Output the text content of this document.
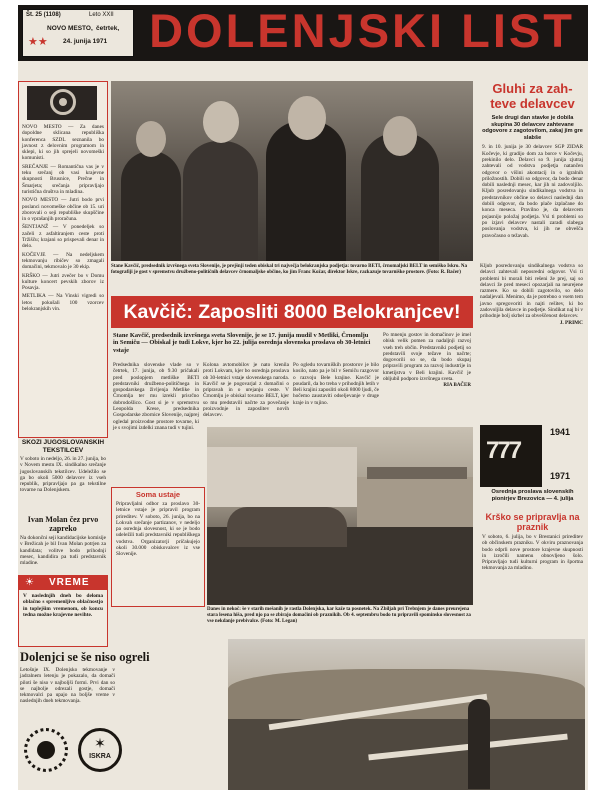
Št. 25 (1108)	Leto XXII
NOVO MESTO, četrtek,
24. junija 1971
★★ DOLENJSKI LIST

NOVO MESTO — Za danes dopoldne sklicana republiška konferenca SZDL seznanila bo javnost z delovnim programom in sklepi, ki so jih sprejeli novomeški komunisti.

SREČANJE — Romantična vas je v teku srečanj ob vasi krajevne skupnosti Brusnice, Prečne in Šmarjeta; srečanja pripravljajo turistična društva in mladina.

NOVO MESTO — Jutri bodo prvi poslanci novomeške občine ob 15. uri zborovali o seji republiške skupščine in o vprašanjih proračuna.

ŠENTJANŽ — V ponedeljek so začeli z asfaltiranjem ceste proti Tržišču; krajani so prispevali denar in delo.

KOČEVJE — Na nedeljskem tekmovanju ribičev so zmagali domačini, tekmovalo je 30 ekip.

KRŠKO — Jutri zvečer bo v Domu kulture koncert pevskih zborov iz Posavja.

METLIKA — Na Vinski vigredi so letos pokušali 100 vzorcev belokranjskih vin.

SKOZI JUGOSLOVANSKIH TEKSTILCEV
V soboto in nedeljo, 26. in 27. junija, bo v Novem mestu IX. sindikalno srečanje jugoslovanskih tekstilcev. Udeležilo se ga bo okoli 5000 delavcev iz vseh republik, pripravljajo pa ga tekstilne tovarne na Dolenjskem.
Ivan Molan čez prvo zapreko
Na dokončni seji kandidacijske komisije v Brežicah je bil Ivan Molan potrjen za kandidata; volitve bodo prihodnji mesec, kandidira pa tudi predstavnik mladine.
☀ VREME
V naslednjih dneh bo deloma oblačno s spremenljivo oblačnostjo in toplejšim vremenom, ob koncu tedna možne krajevne nevihte.
Dolenjci se še niso ogreli
Letošnje IX. Dolenjsko tekmovanje v jadralnem letenju je pokazalo, da domači piloti še niso v najboljši formi. Prvi dan so se najbolje odrezali gostje, domači tekmovalci pa upajo na boljše vreme v naslednjih dneh tekmovanja.
✶
ISKRA
Stane Kavčič, predsednik izvršnega sveta Slovenije, je prejšnji teden obiskal tri največja belokranjska podjetja: tovarno BETI, črnomaljski BELT in semiško Iskro. Na fotografiji je gost v spremstvu družbeno-političnih delavcev črnomaljske občine, ko jim Franc Kožar, direktor Iskre, razkazuje tovarniške prostore. (Foto: R. Bačer)
Gluhi za zah-
teve delavcev
Sele drugi dan stavke je dobila skupina 30 delavcev zahtevane odgovore z zagotovilom, zakaj jim gre slabše
9. in 10. junija je 30 delavcev SGP ZIDAR Kočevje, ki gradijo dom za borce v Kočevju, prekinilo delo. Delavci so 9. junija zjutraj zahtevali od vodstva podjetja natančen odgovor o višini akontacij in o igralnih priložnostih. Dobili so odgovor, da bodo denar dobili naslednji mesec, kar jih ni zadovoljilo. Kljub posredovanju sindikalnega vodstva in predstavnikov občine so delavci naslednji dan dobili odgovor, da bodo plače izplačane do konca meseca. Pravilno je, da delavcem pojasnijo položaj podjetja. Vsi ti problemi so po izjavi delavcev nastali zaradi slabega poslovanja vodstva, ki jih ne obvešča pravočasno o težavah.
Kavčič: Zaposliti 8000 Belokranjcev!
Stane Kavčič, predsednik izvršnega sveta Slovenije, je se 17. junija mudil v Metliki, Črnomlju in Semiču — Obiskal je tudi Lokve, kjer ho 22. julija osrednja slovenska proslava ob 30-letnici vstaje
Predsednika slovenske vlade so v četrtek, 17. junija, ob 9.30 pričakali pred poslopjem metliške BETI predstavniki družbeno-političnega in gospodarskega življenja Metlike in Črnomlja ter mu izrekli prisrčno dobrodošlico. Gost si je v spremstvu Leopolda Krese, predsednika Gospodarske zbornice Slovenije, najprej ogledal proizvodne prostore tovarne, ki je s svojimi izdelki znana tudi v tujini.
Kolona avtomobilov je nato krenila proti Lokvam, kjer bo osrednja proslava ob 30-letnici vstaje slovenskega naroda. Kavčič se je pogovarjal z domačini o pripravah in o urejanju ceste. V Črnomlju je obiskal tovarno BELT, kjer so mu predstavili načrte za povečanje proizvodnje in zaposlitev novih delavcev.
Po ogledu tovarniških prostorov je bilo kosilo, nato pa je bil v Semiču razgovor o razvoju Bele krajine. Kavčič je poudaril, da bo treba v prihodnjih letih v Beli krajini zaposliti okoli 8000 ljudi, če hočemo zaustaviti odseljevanje v druge kraje in v tujino.
Po mnenju gostov in domačinov je imel obisk velik pomen za nadaljnji razvoj vseh treh občin. Predstavniki podjetij so predstavili svoje težave in načrte; dogovorili so se, da bodo skupaj pripravili program za razvoj industrije in kmetijstva v Beli krajini. Kavčič je obljubil podporo izvršnega sveta.
RIA BAČER
Soma ustaje
Pripravljalni odbor za proslavo 30-letnice vstaje je pripravil program prireditev. V soboto, 26. junija, bo na Lokvah srečanje partizanov, v nedeljo pa osrednja slovesnost, ki se je bodo udeležili tudi predstavniki republiškega vodstva. Organizatorji pričakujejo okoli 30.000 obiskovalcev iz vse Slovenije.
Danes in nekoč: še v starih mešanih je rastla Dolenjska, kar kaže ta posnetek. Na Zbiljah pri Trebnjem je danes preurejena stara lesena hiša, pred njo pa se zbirajo domačini ob praznikih. Ob 4. septembru bodo tu pripravili spominsko slovesnost za vse nekdanje prebivalce. (Foto: M. Legan)
Kljub posredovanju sindikalnega vodstva so delavci zahtevali neposredni odgovor. Vsi ti problemi bi morali biti rešeni že prej, saj so delavci že pred meseci opozarjali na neurejene razmere. Ko so dobili zagotovilo, so delo nadaljevali. Menimo, da je potrebno o vsem tem javno spregovoriti in najti rešitev, ki bo zadovoljila delavce in podjetje. Sindikat naj bi v prihodnje bolj skrbel za obveščenost delavcev.
J. PRIMC
777
1941
1971
Osrednja proslava slovenskih pionirjev Brezovica — 4. julija
Krško se pripravlja na praznik
V soboto, 6. julija, bo v Brestanici prireditev ob občinskem prazniku. V okviru praznovanja bodo odprli nove prostore krajevne skupnosti in izročili namenu obnovljeno šolo. Pripravljajo tudi kulturni program in športna tekmovanja za mladino.
